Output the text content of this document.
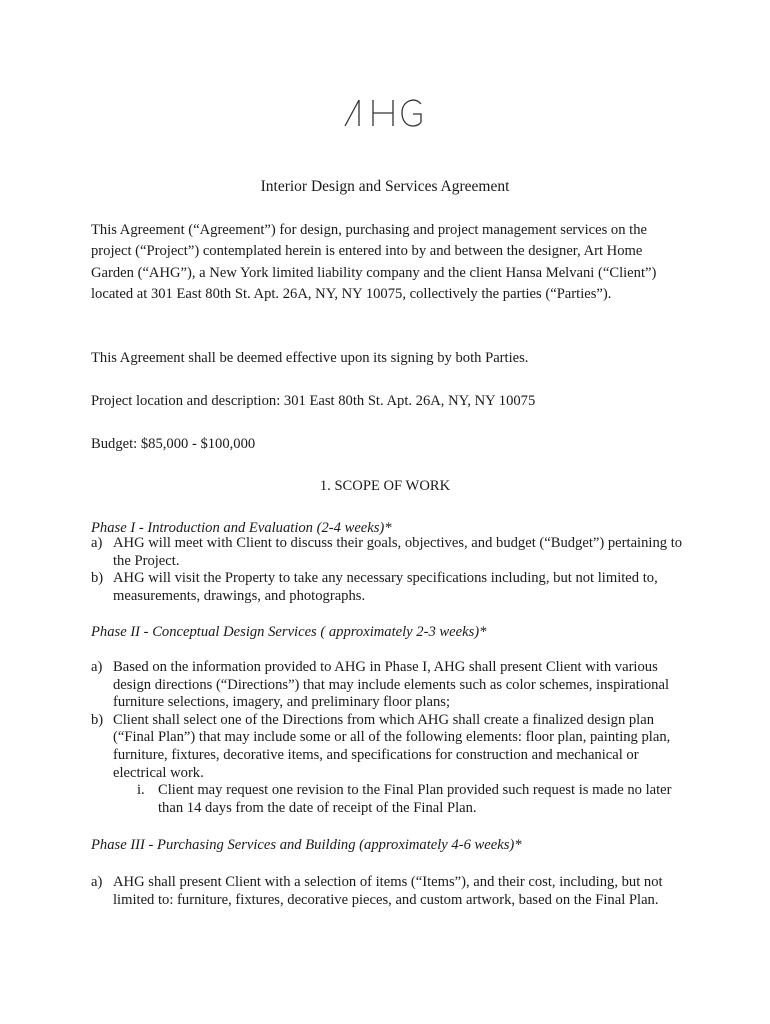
Interior Design and Services Agreement
This Agreement (“Agreement”) for design, purchasing and project management services on the project (“Project”) contemplated herein is entered into by and between the designer, Art Home Garden (“AHG”), a New York limited liability company and the client Hansa Melvani (“Client”) located at 301 East 80th St. Apt. 26A, NY, NY 10075, collectively the parties (“Parties”).
This Agreement shall be deemed effective upon its signing by both Parties.
Project location and description: 301 East 80th St. Apt. 26A, NY, NY 10075
Budget: $85,000 - $100,000
1. SCOPE OF WORK
Phase I - Introduction and Evaluation (2-4 weeks)*
a) AHG will meet with Client to discuss their goals, objectives, and budget (“Budget”) pertaining to the Project.
b) AHG will visit the Property to take any necessary specifications including, but not limited to, measurements, drawings, and photographs.
Phase II - Conceptual Design Services ( approximately 2-3 weeks)*
a) Based on the information provided to AHG in Phase I, AHG shall present Client with various design directions (“Directions”) that may include elements such as color schemes, inspirational furniture selections, imagery, and preliminary floor plans;
b) Client shall select one of the Directions from which AHG shall create a finalized design plan (“Final Plan”) that may include some or all of the following elements: floor plan, painting plan, furniture, fixtures, decorative items, and specifications for construction and mechanical or electrical work.
i. Client may request one revision to the Final Plan provided such request is made no later than 14 days from the date of receipt of the Final Plan.
Phase III - Purchasing Services and Building (approximately 4-6 weeks)*
a) AHG shall present Client with a selection of items (“Items”), and their cost, including, but not limited to: furniture, fixtures, decorative pieces, and custom artwork, based on the Final Plan.
